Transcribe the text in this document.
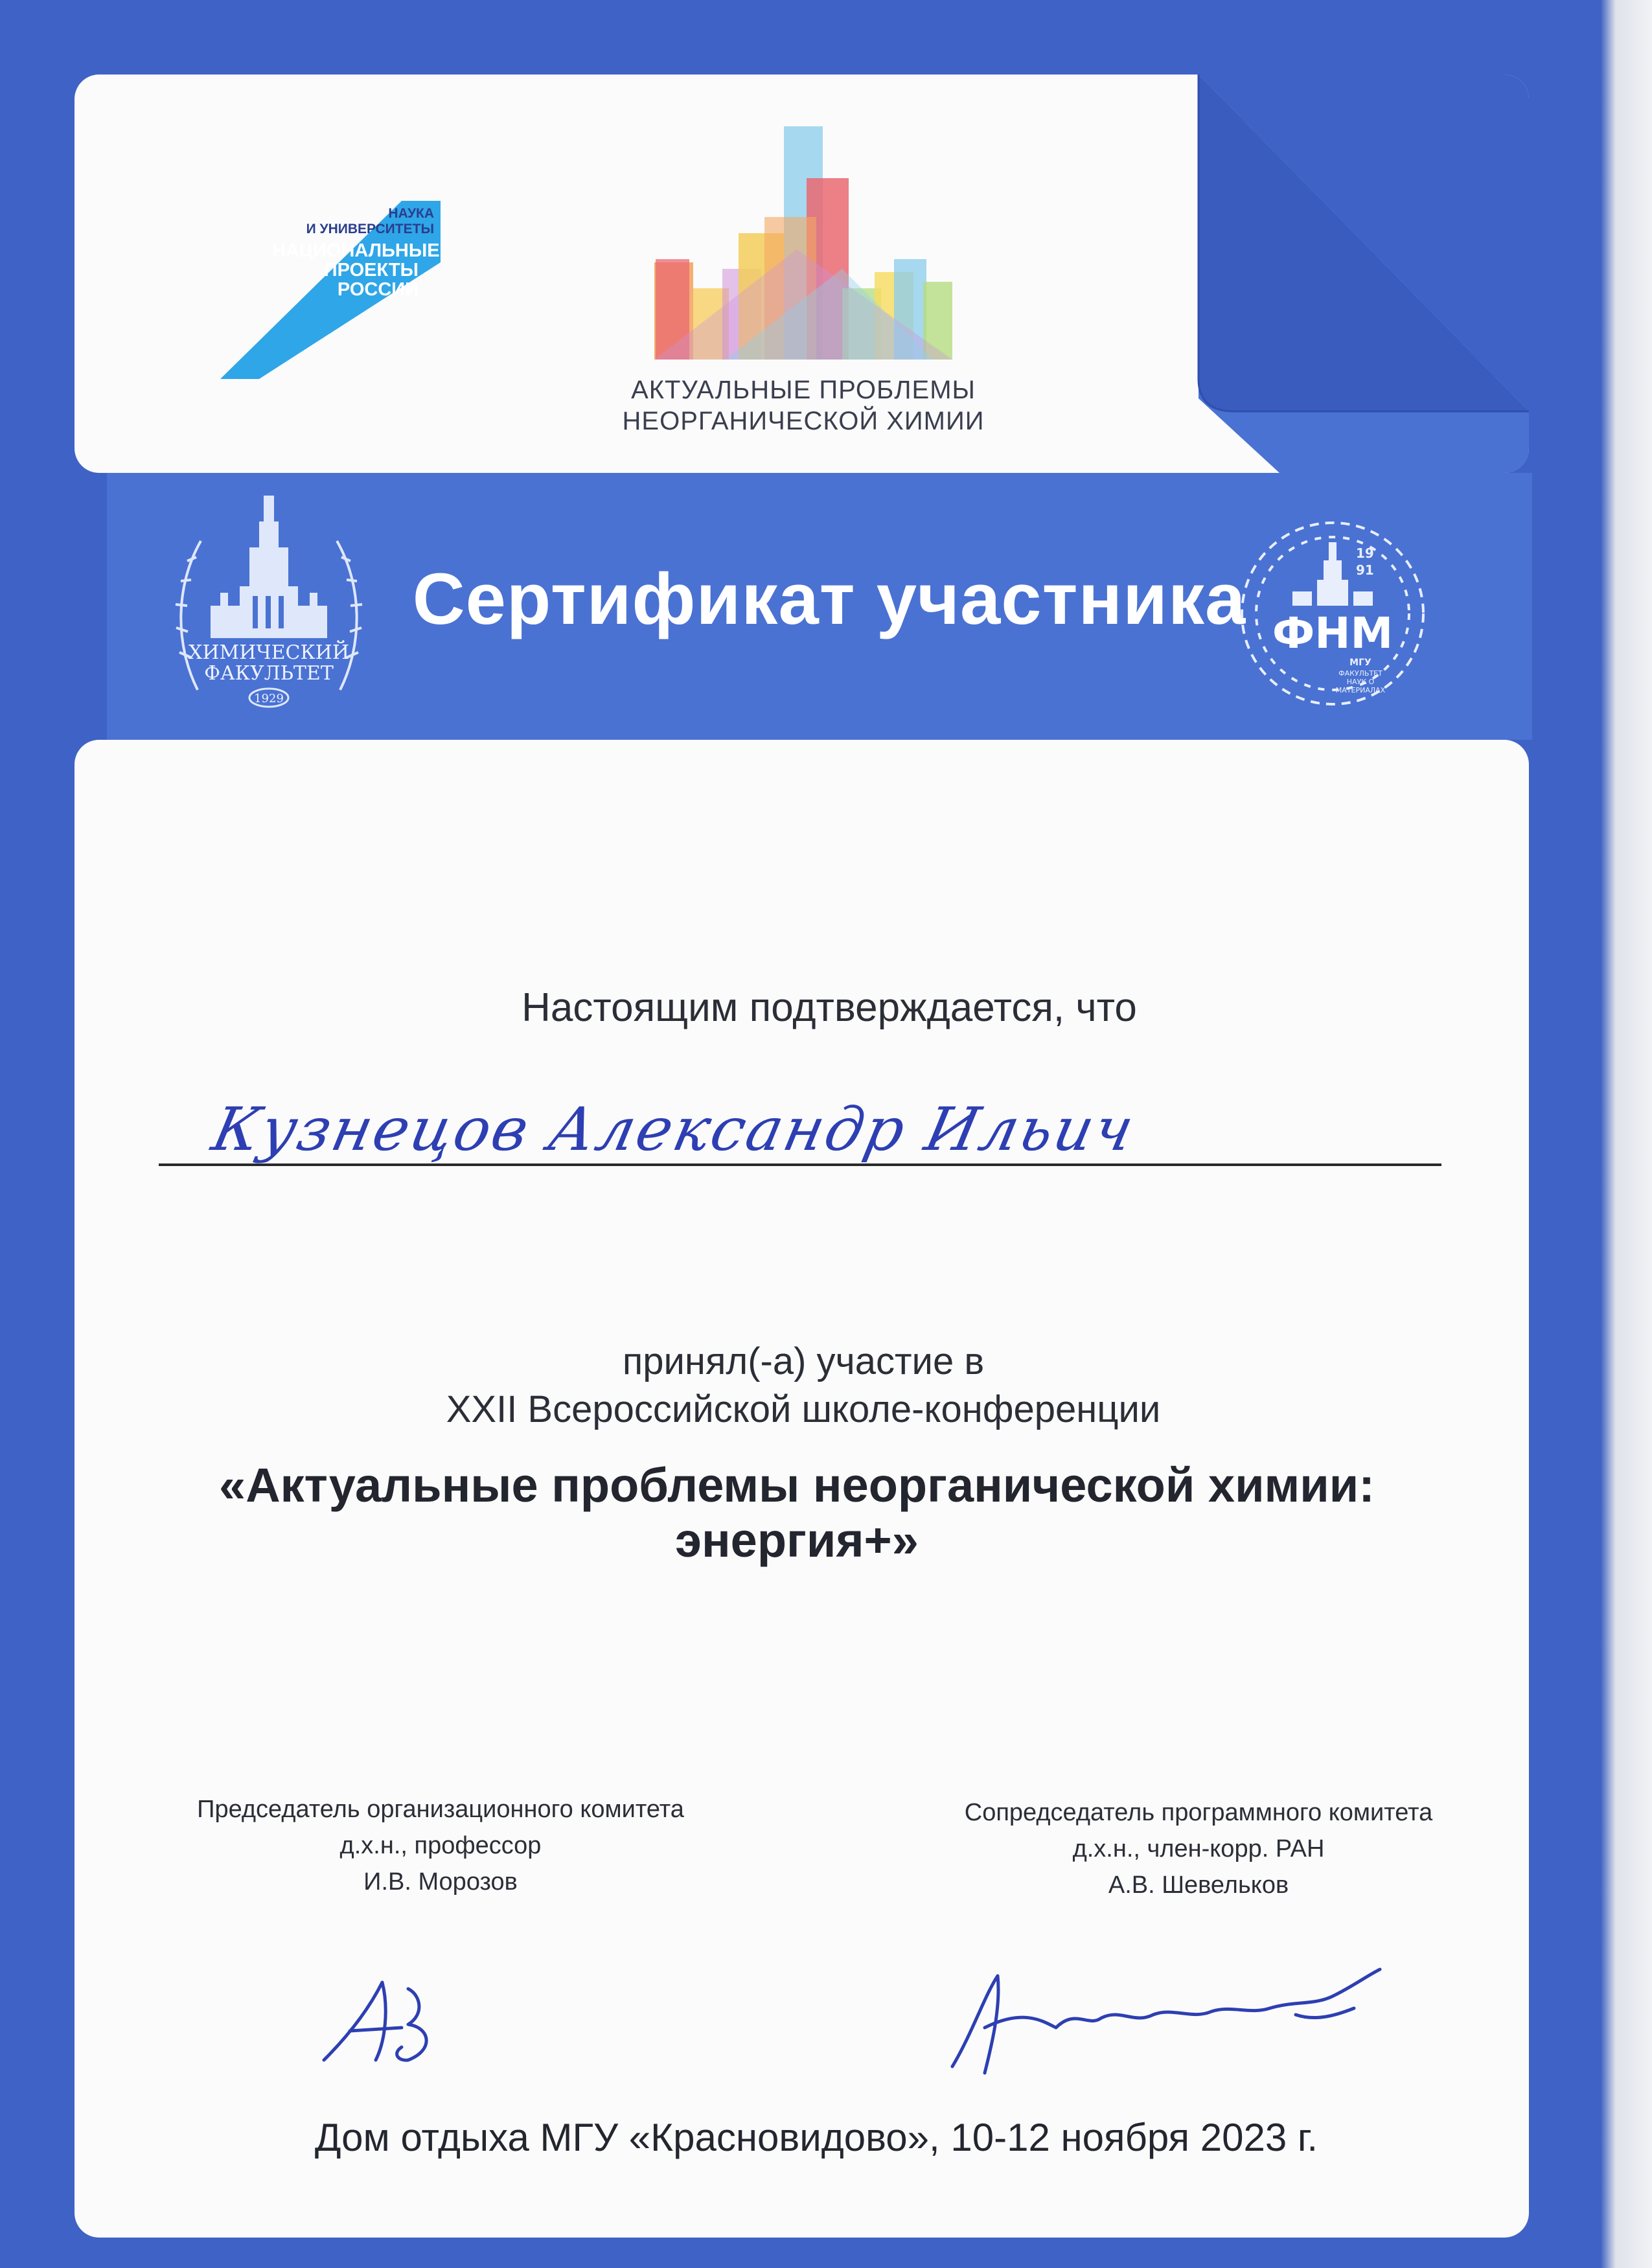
НАУКА
И УНИВЕРСИТЕТЫ
НАЦИОНАЛЬНЫЕ
ПРОЕКТЫ
РОССИИ
АКТУАЛЬНЫЕ ПРОБЛЕМЫ
НЕОРГАНИЧЕСКОЙ ХИМИИ
ХИМИЧЕСКИЙ
ФАКУЛЬТЕТ
1929
Сертификат участника
19
91
ФНМ
МГУ
ФАКУЛЬТЕТ
НАУК О
МАТЕРИАЛАХ
Настоящим подтверждается, что
Кузнецов Александр Ильич
принял(-а) участие в
XXII Всероссийской школе-конференции
«Актуальные проблемы неорганической химии: энергия+»
Председатель организационного комитета
д.х.н., профессор
И.В. Морозов
Сопредседатель программного комитета
д.х.н., член-корр. РАН
А.В. Шевельков
Дом отдыха МГУ «Красновидово», 10-12 ноября 2023 г.
